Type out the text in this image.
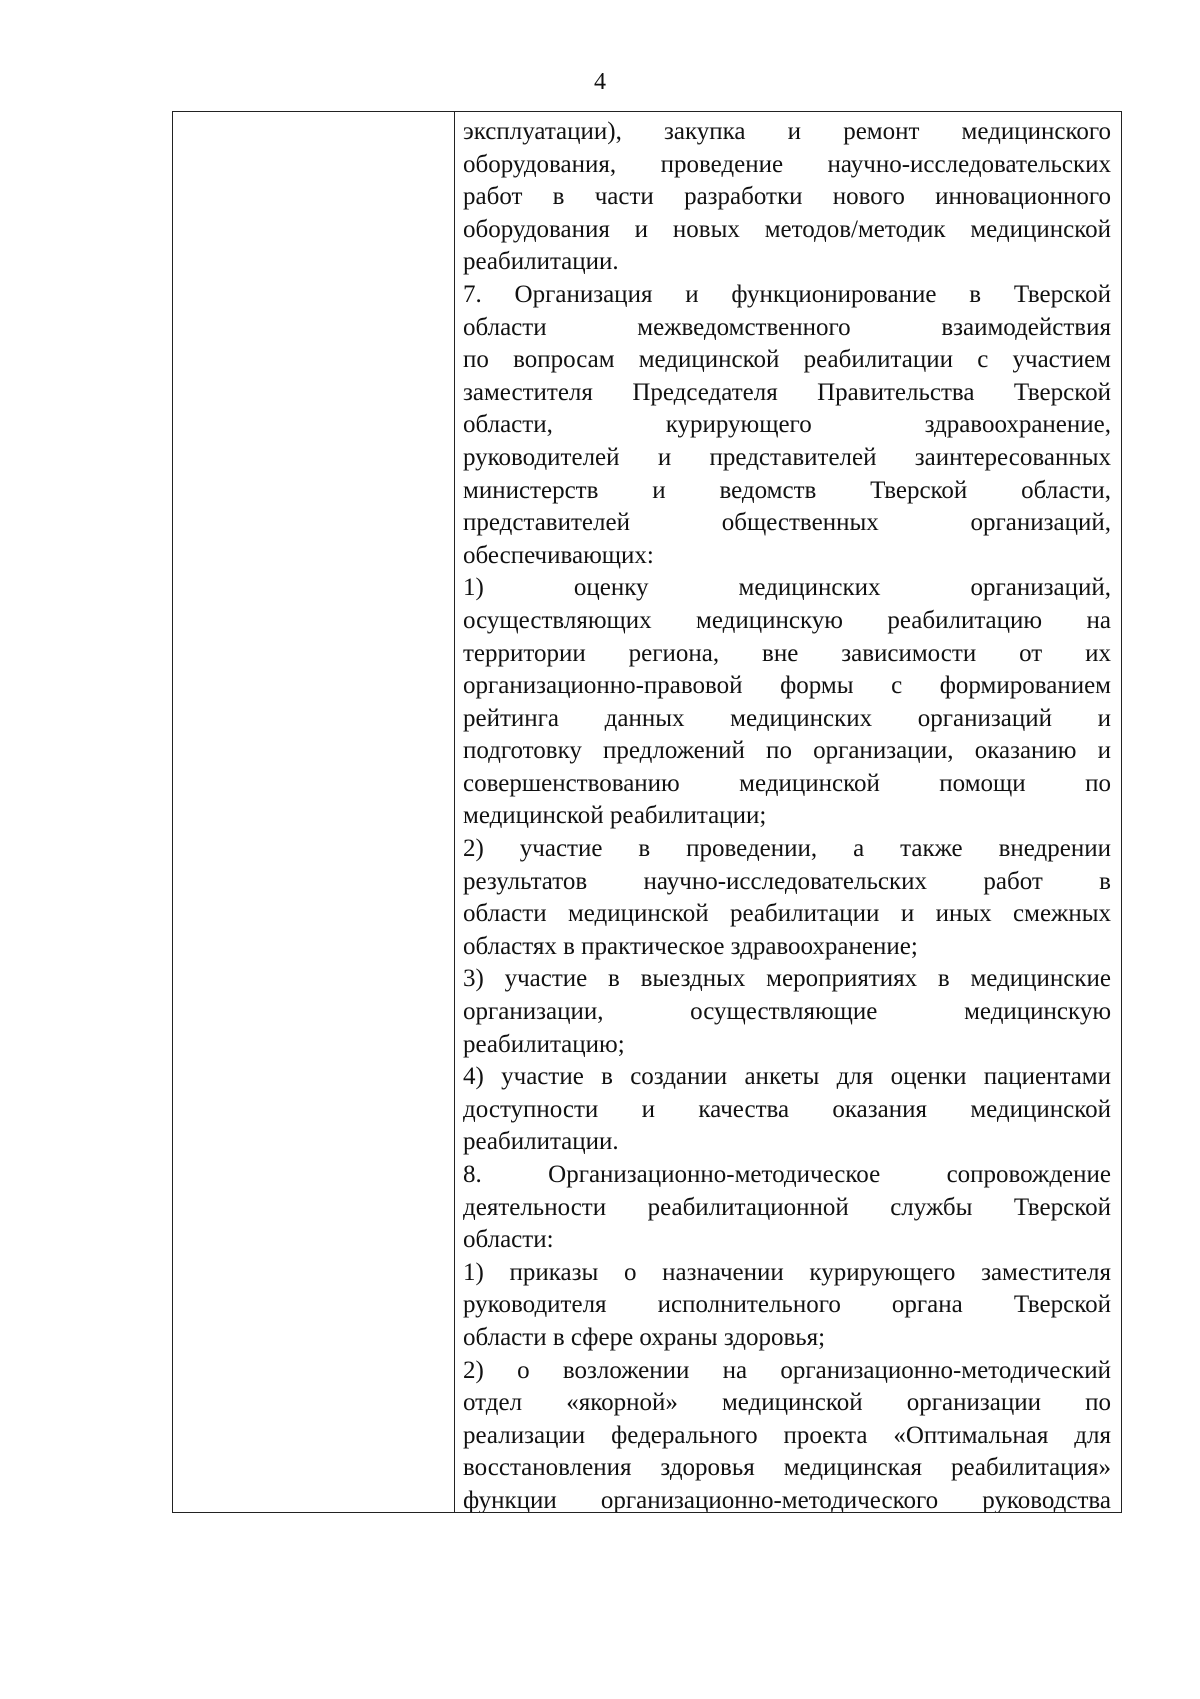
4
эксплуатации), закупка и ремонт медицинского
оборудования, проведение научно-исследовательских
работ в части разработки нового инновационного
оборудования и новых методов/методик медицинской
реабилитации.
7. Организация и функционирование в Тверской
области межведомственного взаимодействия
по вопросам медицинской реабилитации с участием
заместителя Председателя Правительства Тверской
области, курирующего здравоохранение,
руководителей и представителей заинтересованных
министерств и ведомств Тверской области,
представителей общественных организаций,
обеспечивающих:
1) оценку медицинских организаций,
осуществляющих медицинскую реабилитацию на
территории региона, вне зависимости от их
организационно-правовой формы с формированием
рейтинга данных медицинских организаций и
подготовку предложений по организации, оказанию и
совершенствованию медицинской помощи по
медицинской реабилитации;
2) участие в проведении, а также внедрении
результатов научно-исследовательских работ в
области медицинской реабилитации и иных смежных
областях в практическое здравоохранение;
3) участие в выездных мероприятиях в медицинские
организации, осуществляющие медицинскую
реабилитацию;
4) участие в создании анкеты для оценки пациентами
доступности и качества оказания медицинской
реабилитации.
8. Организационно-методическое сопровождение
деятельности реабилитационной службы Тверской
области:
1) приказы о назначении курирующего заместителя
руководителя исполнительного органа Тверской
области в сфере охраны здоровья;
2) о возложении на организационно-методический
отдел «якорной» медицинской организации по
реализации федерального проекта «Оптимальная для
восстановления здоровья медицинская реабилитация»
функции организационно-методического руководства
